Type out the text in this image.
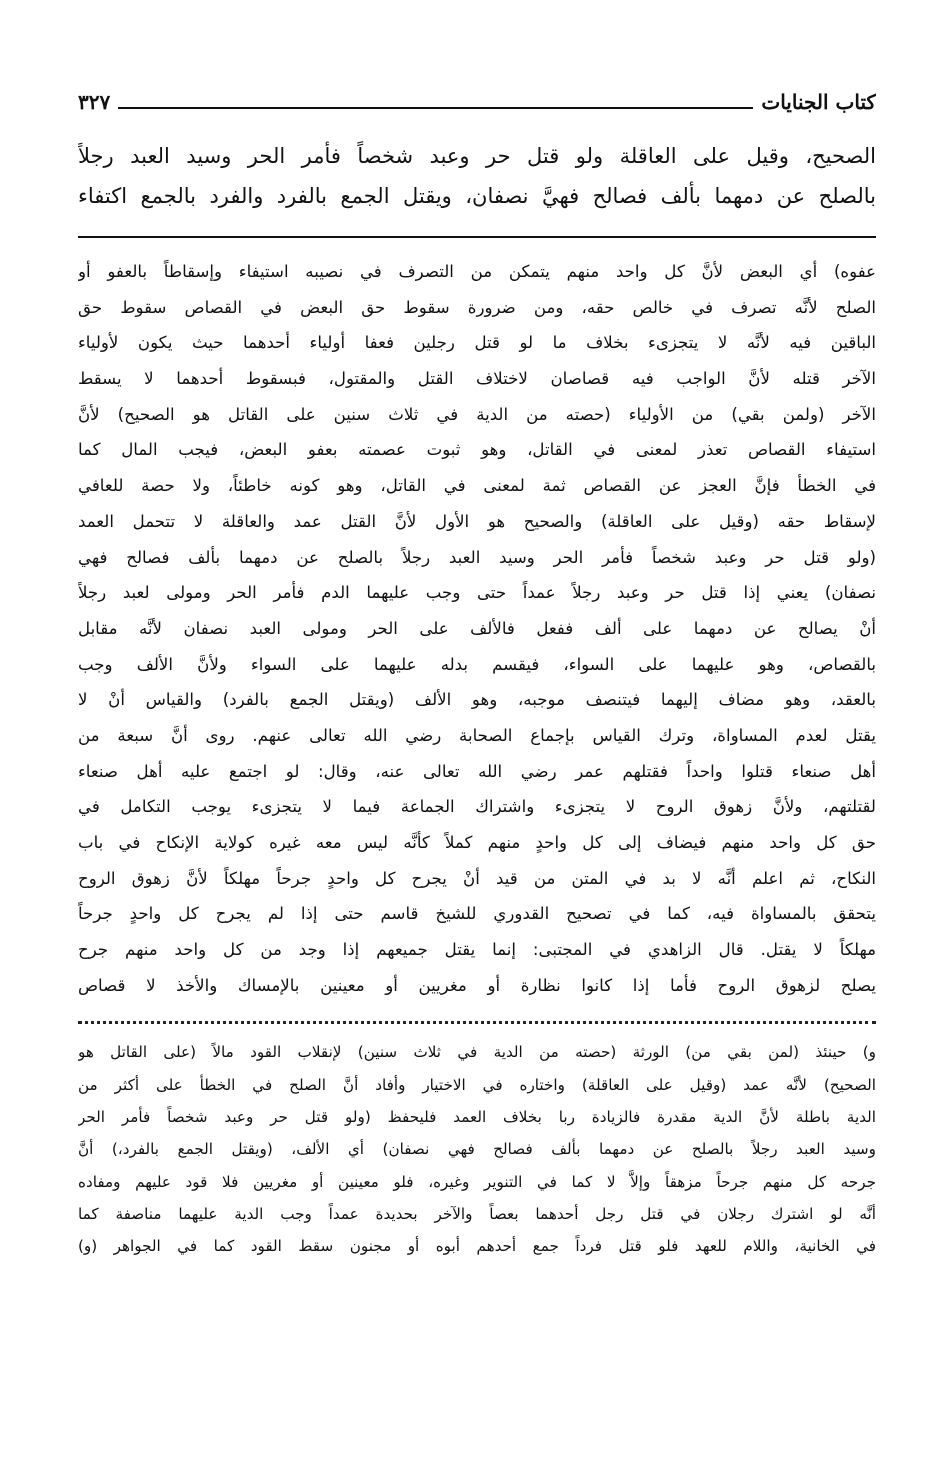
كتاب الجنايات
٣٢٧
الصحيح، وقيل على العاقلة ولو قتل حر وعبد شخصاً فأمر الحر وسيد العبد رجلاً
بالصلح عن دمهما بألف فصالح فهيَّ نصفان، ويقتل الجمع بالفرد والفرد بالجمع اكتفاء
عفوه) أي البعض لأنَّ كل واحد منهم يتمكن من التصرف في نصيبه استيفاء وإسقاطاً بالعفو أو
الصلح لأنَّه تصرف في خالص حقه، ومن ضرورة سقوط حق البعض في القصاص سقوط حق
الباقين فيه لأنَّه لا يتجزىء بخلاف ما لو قتل رجلين فعفا أولياء أحدهما حيث يكون لأولياء
الآخر قتله لأنَّ الواجب فيه قصاصان لاختلاف القتل والمقتول، فبسقوط أحدهما لا يسقط
الآخر (ولمن بقي) من الأولياء (حصته من الدية في ثلاث سنين على القاتل هو الصحيح) لأنَّ
استيفاء القصاص تعذر لمعنى في القاتل، وهو ثبوت عصمته بعفو البعض، فيجب المال كما
في الخطأ فإنَّ العجز عن القصاص ثمة لمعنى في القاتل، وهو كونه خاطئاً، ولا حصة للعافي
لإسقاط حقه (وقيل على العاقلة) والصحيح هو الأول لأنَّ القتل عمد والعاقلة لا تتحمل العمد
(ولو قتل حر وعبد شخصاً فأمر الحر وسيد العبد رجلاً بالصلح عن دمهما بألف فصالح فهي
نصفان) يعني إذا قتل حر وعبد رجلاً عمداً حتى وجب عليهما الدم فأمر الحر ومولى لعبد رجلاً
أنْ يصالح عن دمهما على ألف ففعل فالألف على الحر ومولى العبد نصفان لأنَّه مقابل
بالقصاص، وهو عليهما على السواء، فيقسم بدله عليهما على السواء ولأنَّ الألف وجب
بالعقد، وهو مضاف إليهما فيتنصف موجبه، وهو الألف (ويقتل الجمع بالفرد) والقياس أنْ لا
يقتل لعدم المساواة، وترك القياس بإجماع الصحابة رضي الله تعالى عنهم. روى أنَّ سبعة من
أهل صنعاء قتلوا واحداً فقتلهم عمر رضي الله تعالى عنه، وقال: لو اجتمع عليه أهل صنعاء
لقتلتهم، ولأنَّ زهوق الروح لا يتجزىء واشتراك الجماعة فيما لا يتجزىء يوجب التكامل في
حق كل واحد منهم فيضاف إلى كل واحدٍ منهم كملاً كأنَّه ليس معه غيره كولاية الإنكاح في باب
النكاح، ثم اعلم أنَّه لا بد في المتن من قيد أنْ يجرح كل واحدٍ جرحاً مهلكاً لأنَّ زهوق الروح
يتحقق بالمساواة فيه، كما في تصحيح القدوري للشيخ قاسم حتى إذا لم يجرح كل واحدٍ جرحاً
مهلكاً لا يقتل. قال الزاهدي في المجتبى: إنما يقتل جميعهم إذا وجد من كل واحد منهم جرح
يصلح لزهوق الروح فأما إذا كانوا نظارة أو مغريين أو معينين بالإمساك والأخذ لا قصاص
و) حينئذ (لمن بقي من) الورثة (حصته من الدية في ثلاث سنين) لإنقلاب القود مالاً (على القاتل هو
الصحيح) لأنَّه عمد (وقيل على العاقلة) واختاره في الاختيار وأفاد أنَّ الصلح في الخطأ على أكثر من
الدية باطلة لأنَّ الدية مقدرة فالزيادة ربا بخلاف العمد فليحفظ (ولو قتل حر وعبد شخصاً فأمر الحر
وسيد العبد رجلاً بالصلح عن دمهما بألف فصالح فهي نصفان) أي الألف، (ويقتل الجمع بالفرد،) أنَّ
جرحه كل منهم جرحاً مزهقاً وإلاَّ لا كما في التنوير وغيره، فلو معينين أو مغريين فلا قود عليهم ومفاده
أنَّه لو اشترك رجلان في قتل رجل أحدهما بعصاً والآخر بحديدة عمداً وجب الدية عليهما مناصفة كما
في الخانية، واللام للعهد فلو قتل فرداً جمع أحدهم أبوه أو مجنون سقط القود كما في الجواهر (و)
